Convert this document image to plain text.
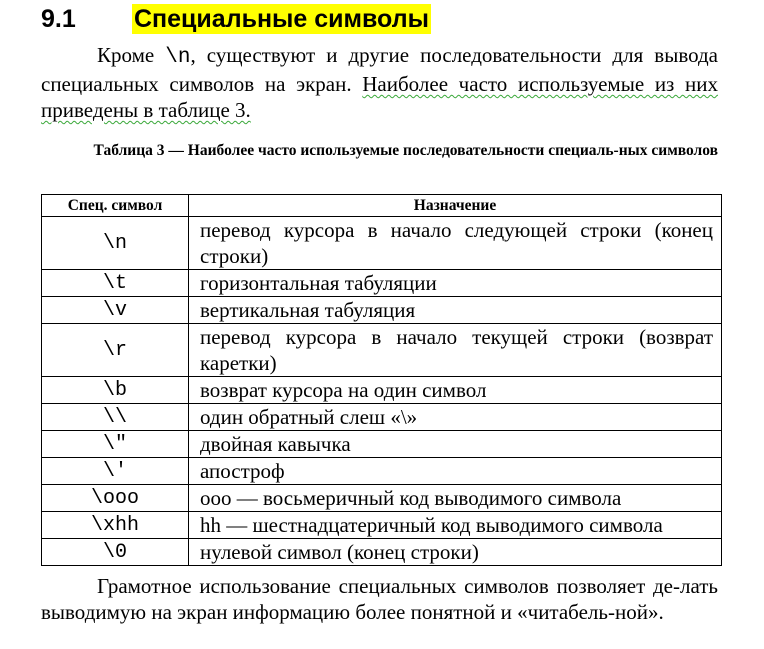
9.1 Специальные символы

Кроме \n, существуют и другие последовательности для вывода специальных символов на экран. Наиболее часто используемые из них приведены в таблице 3.

Таблица 3 — Наиболее часто используемые последовательности специаль-ных символов

Спец. символ	Назначение
\n	перевод курсора в начало следующей строки (конец строки)
\t	горизонтальная табуляции
\v	вертикальная табуляция
\r	перевод курсора в начало текущей строки (возврат каретки)
\b	возврат курсора на один символ
\\	один обратный слеш «\»
\"	двойная кавычка
\′	апостроф
\ooo	ooo — восьмеричный код выводимого символа
\xhh	hh — шестнадцатеричный код выводимого символа
\0	нулевой символ (конец строки)

Грамотное использование специальных символов позволяет де-лать выводимую на экран информацию более понятной и «читабель-ной».
